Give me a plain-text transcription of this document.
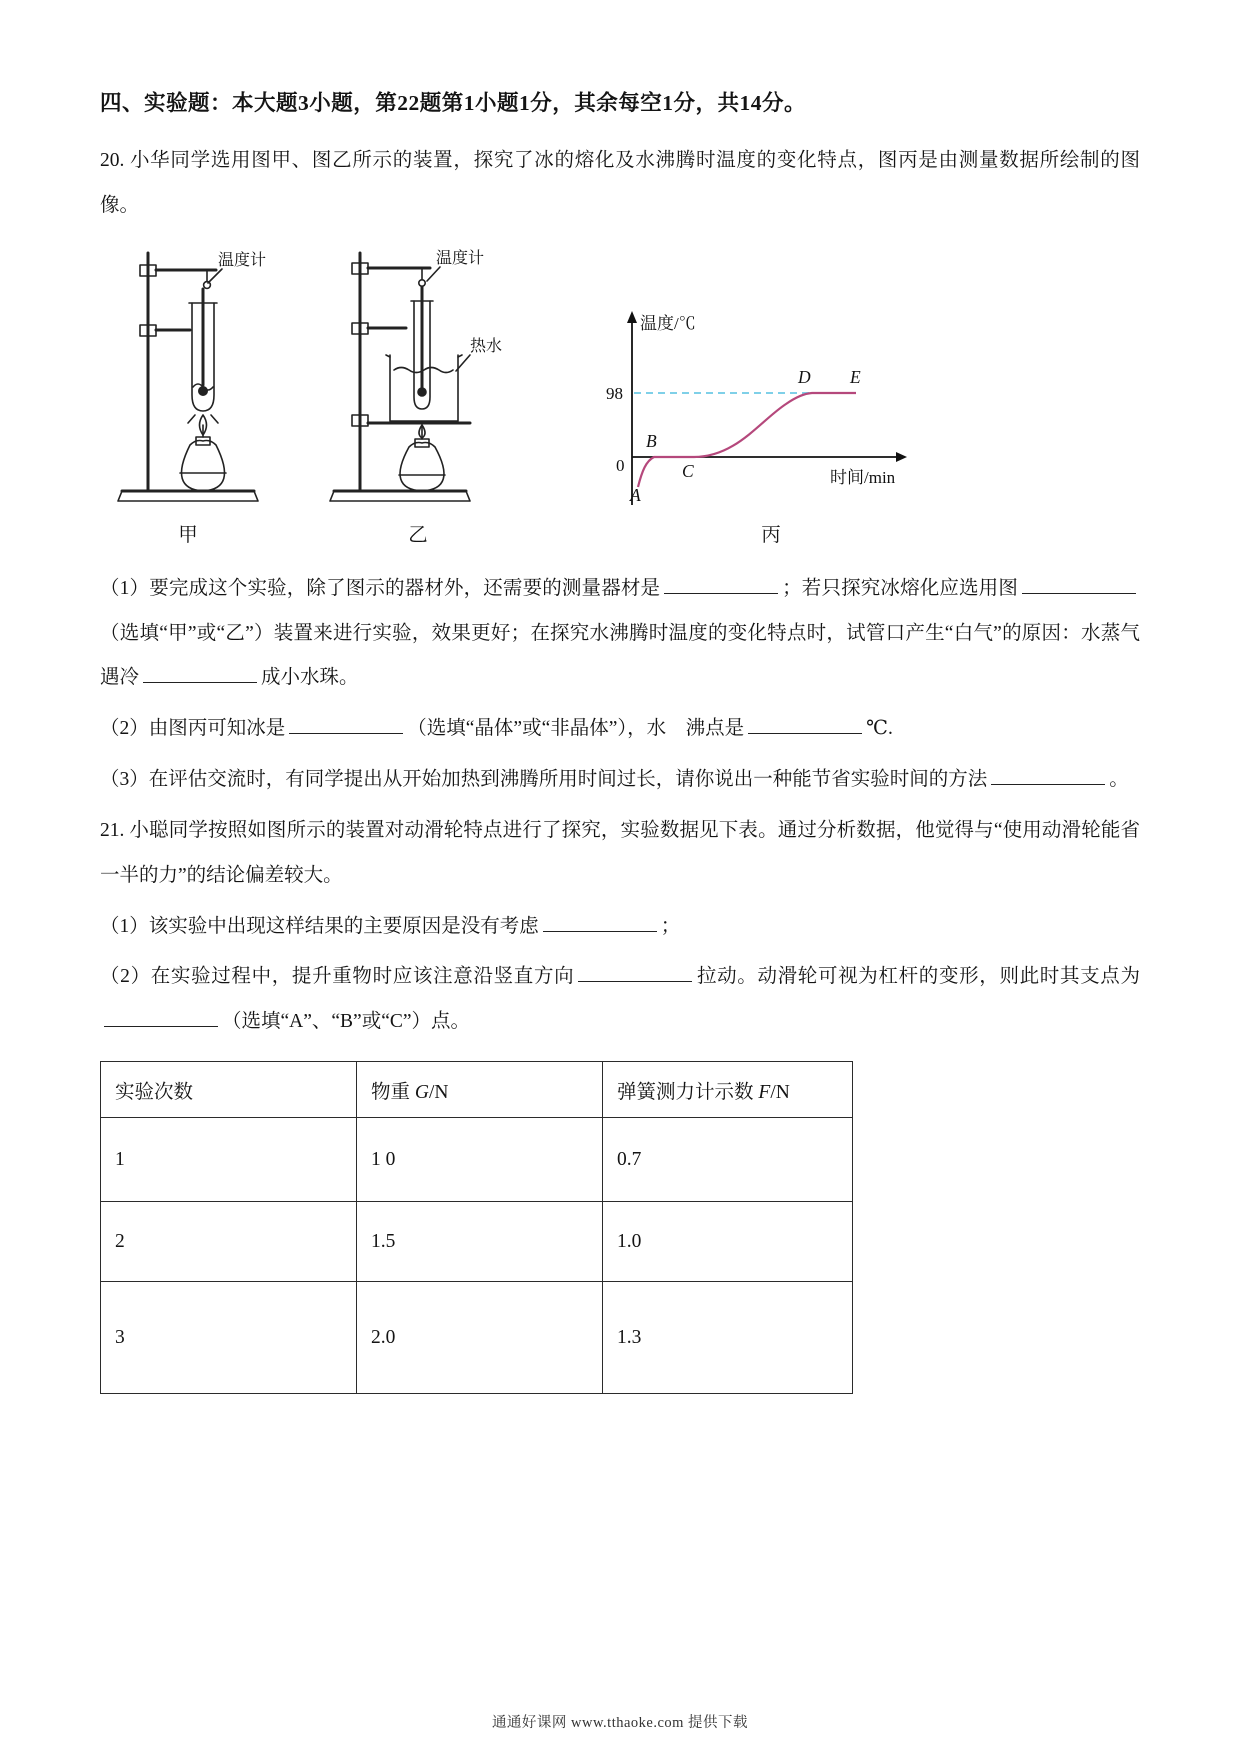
四、实验题：本大题3小题，第22题第1小题1分，其余每空1分，共14分。

20. 小华同学选用图甲、图乙所示的装置，探究了冰的熔化及水沸腾时温度的变化特点，图丙是由测量数据所绘制的图像。

温度计
甲
温度计
热水
乙
温度/℃
98
0
时间/min
A
B
C
D E
丙

（1）要完成这个实验，除了图示的器材外，还需要的测量器材是	；若只探究冰熔化应选用图（选填“甲”或“乙”）装置来进行实验，效果更好；在探究水沸腾时温度的变化特点时，试管口产生“白气”的原因：水蒸气遇冷	成小水珠。

（2）由图丙可知冰是	（选填“晶体”或“非晶体”），水　沸点是	℃.

（3）在评估交流时，有同学提出从开始加热到沸腾所用时间过长，请你说出一种能节省实验时间的方法	。

21. 小聪同学按照如图所示的装置对动滑轮特点进行了探究，实验数据见下表。通过分析数据，他觉得与“使用动滑轮能省一半的力”的结论偏差较大。

（1）该实验中出现这样结果的主要原因是没有考虑	；

（2）在实验过程中，提升重物时应该注意沿竖直方向	拉动。动滑轮可视为杠杆的变形，则此时其支点为（选填“A”、“B”或“C”）点。

实验次数	物重 G/N	弹簧测力计示数 F/N
1	1 0	0.7
2	1.5	1.0
3	2.0	1.3
通通好课网 www.tthaoke.com 提供下载
